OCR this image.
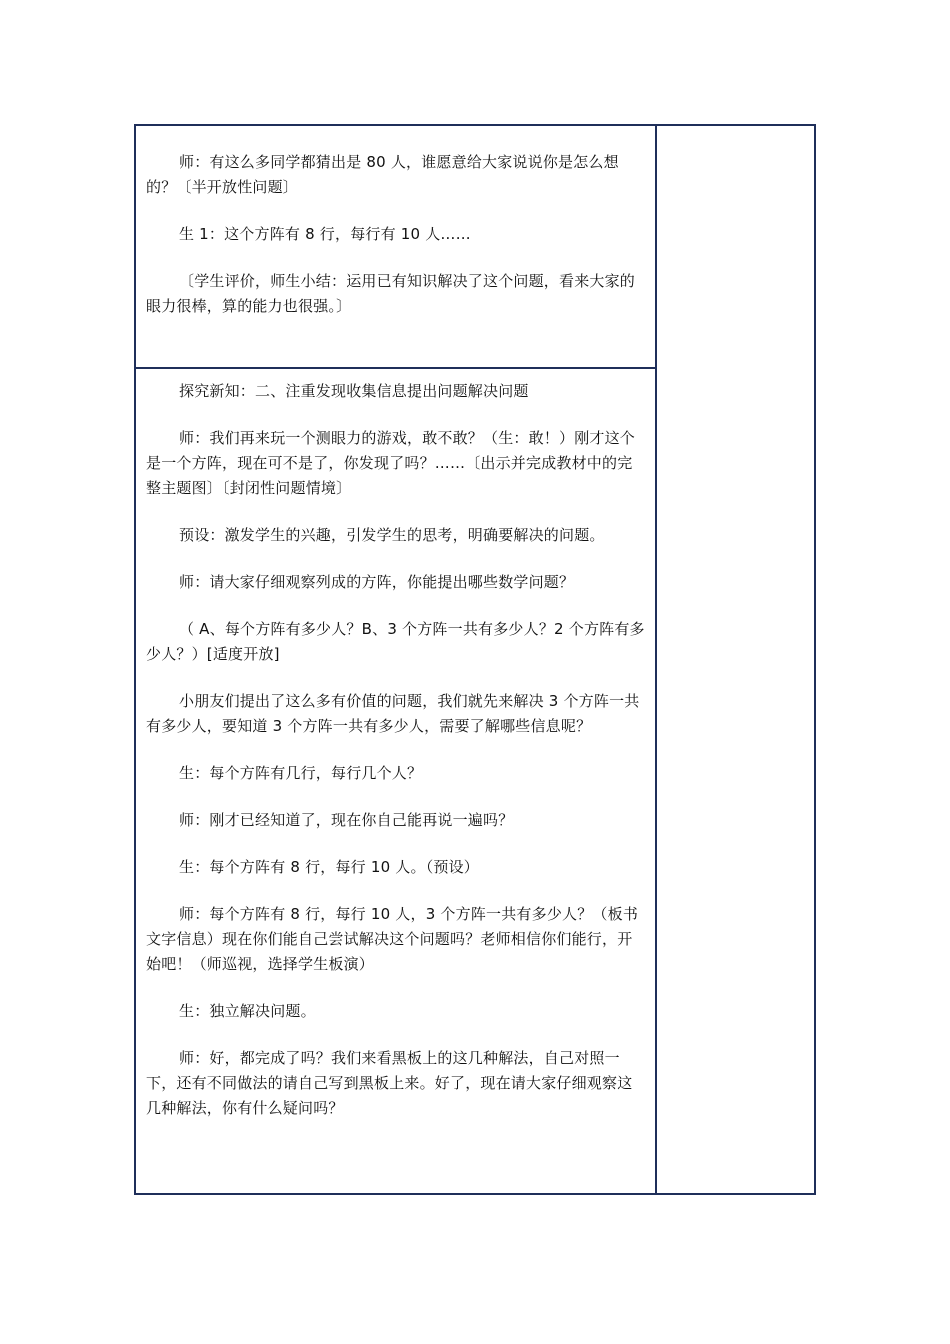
师：有这么多同学都猜出是 80 人，谁愿意给大家说说你是怎么想的？〔半开放性问题〕

生 1：这个方阵有 8 行，每行有 10 人……

〔学生评价，师生小结：运用已有知识解决了这个问题，看来大家的眼力很棒，算的能力也很强。〕

探究新知：二、注重发现收集信息提出问题解决问题

师：我们再来玩一个测眼力的游戏，敢不敢？（生：敢！）刚才这个是一个方阵，现在可不是了，你发现了吗？……〔出示并完成教材中的完整主题图〕〔封闭性问题情境〕

预设：激发学生的兴趣，引发学生的思考，明确要解决的问题。

师：请大家仔细观察列成的方阵，你能提出哪些数学问题？

（ A、每个方阵有多少人？B、3 个方阵一共有多少人？2 个方阵有多少人？）[适度开放]

小朋友们提出了这么多有价值的问题，我们就先来解决 3 个方阵一共有多少人，要知道 3 个方阵一共有多少人，需要了解哪些信息呢？

生：每个方阵有几行，每行几个人？

师：刚才已经知道了，现在你自己能再说一遍吗？

生：每个方阵有 8 行，每行 10 人。（预设）

师：每个方阵有 8 行，每行 10 人，3 个方阵一共有多少人？（板书文字信息）现在你们能自己尝试解决这个问题吗？老师相信你们能行，开始吧！（师巡视，选择学生板演）

生：独立解决问题。

师：好，都完成了吗？我们来看黑板上的这几种解法，自己对照一下，还有不同做法的请自己写到黑板上来。好了，现在请大家仔细观察这几种解法，你有什么疑问吗？
